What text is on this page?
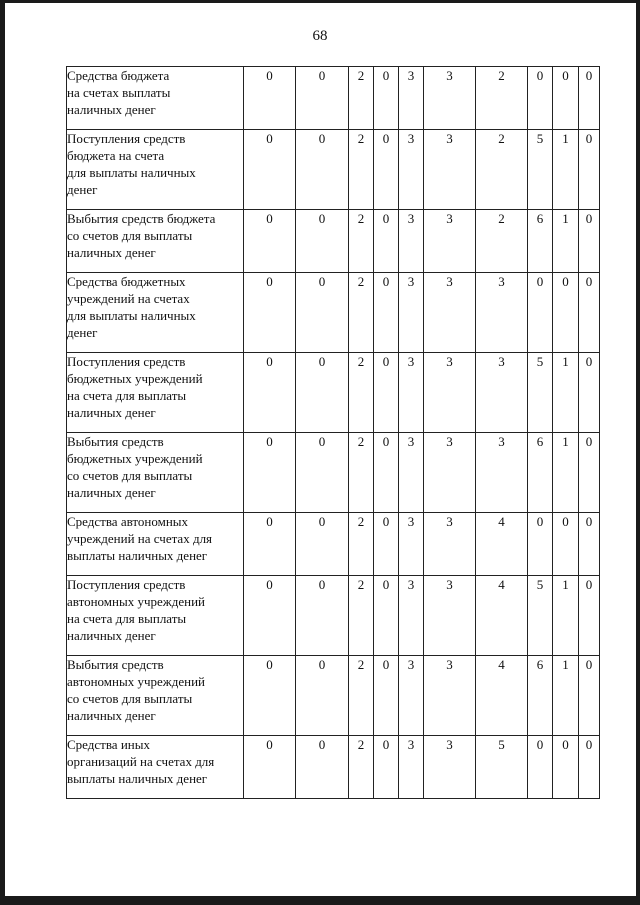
68
Средства бюджета
на счетах выплаты
наличных денег	0	0	2	0	3	3	2	0	0	0
Поступления средств
бюджета на счета
для выплаты наличных
денег	0	0	2	0	3	3	2	5	1	0
Выбытия средств бюджета
со счетов для выплаты
наличных денег	0	0	2	0	3	3	2	6	1	0
Средства бюджетных
учреждений на счетах
для выплаты наличных
денег	0	0	2	0	3	3	3	0	0	0
Поступления средств
бюджетных учреждений
на счета для выплаты
наличных денег	0	0	2	0	3	3	3	5	1	0
Выбытия средств
бюджетных учреждений
со счетов для выплаты
наличных денег	0	0	2	0	3	3	3	6	1	0
Средства автономных
учреждений на счетах для
выплаты наличных денег	0	0	2	0	3	3	4	0	0	0
Поступления средств
автономных учреждений
на счета для выплаты
наличных денег	0	0	2	0	3	3	4	5	1	0
Выбытия средств
автономных учреждений
со счетов для выплаты
наличных денег	0	0	2	0	3	3	4	6	1	0
Средства иных
организаций на счетах для
выплаты наличных денег	0	0	2	0	3	3	5	0	0	0
